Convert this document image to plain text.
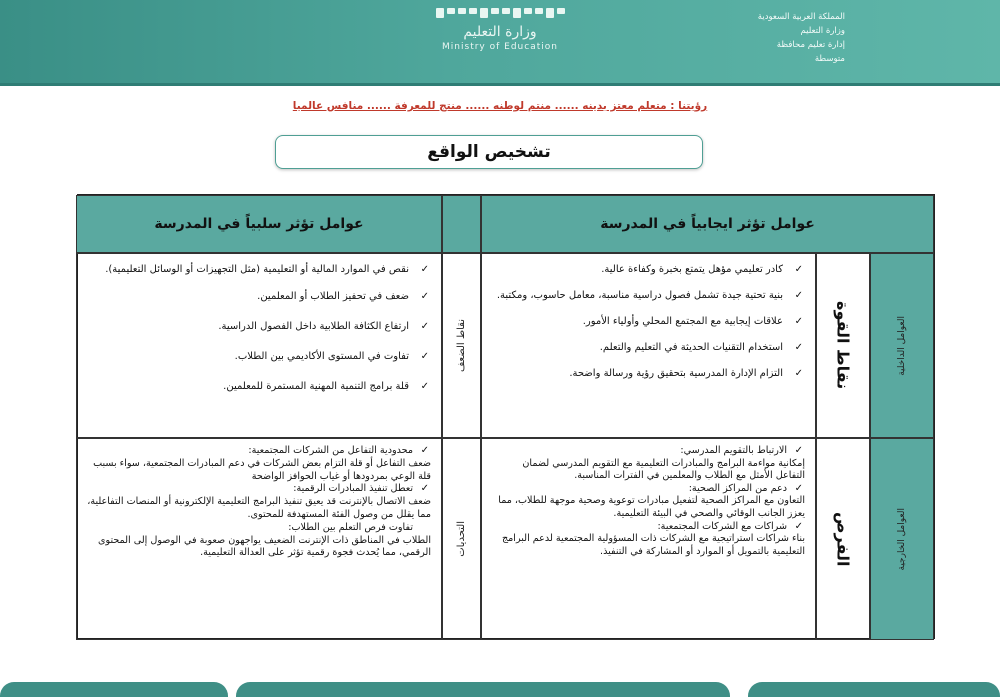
المملكة العربية السعودية
وزارة التعليم
إدارة تعليم محافظة
متوسطة
وزارة التعليم
Ministry of Education
رؤيتنا : متعلم معتز بدينه ...... منتم لوطنه ...... منتج للمعرفة ...... منافس عالميا
تشخيص الواقع
عوامل تؤثر ايجابياً في المدرسة
عوامل تؤثر سلبياً في المدرسة
العوامل الداخلية
نقاط القوة
العوامل الخارجية
الفرص
✓ كادر تعليمي مؤهل يتمتع بخبرة وكفاءة عالية.
✓ بنية تحتية جيدة تشمل فصول دراسية مناسبة، معامل حاسوب، ومكتبة.
✓ علاقات إيجابية مع المجتمع المحلي وأولياء الأمور.
✓ استخدام التقنيات الحديثة في التعليم والتعلم.
✓ التزام الإدارة المدرسية بتحقيق رؤية ورسالة واضحة.
✓ الارتباط بالتقويم المدرسي:
إمكانية مواءمة البرامج والمبادرات التعليمية مع التقويم المدرسي لضمان التفاعل الأمثل مع الطلاب والمعلمين في الفترات المناسبة.
✓ دعم من المراكز الصحية:
التعاون مع المراكز الصحية لتفعيل مبادرات توعوية وصحية موجهة للطلاب، مما يعزز الجانب الوقائي والصحي في البيئة التعليمية.
✓ شراكات مع الشركات المجتمعية:
بناء شراكات استراتيجية مع الشركات ذات المسؤولية المجتمعية لدعم البرامج التعليمية بالتمويل أو الموارد أو المشاركة في التنفيذ.
نقاط الضعف
التحديات
✓ نقص في الموارد المالية أو التعليمية (مثل التجهيزات أو الوسائل التعليمية).
✓ ضعف في تحفيز الطلاب أو المعلمين.
✓ ارتفاع الكثافة الطلابية داخل الفصول الدراسية.
✓ تفاوت في المستوى الأكاديمي بين الطلاب.
✓ قلة برامج التنمية المهنية المستمرة للمعلمين.
✓ محدودية التفاعل من الشركات المجتمعية:
ضعف التفاعل أو قلة التزام بعض الشركات في دعم المبادرات المجتمعية، سواء بسبب قلة الوعي بمردودها أو غياب الحوافز الواضحة
✓ تعطل تنفيذ المبادرات الرقمية:
ضعف الاتصال بالإنترنت قد يعيق تنفيذ البرامج التعليمية الإلكترونية أو المنصات التفاعلية، مما يقلل من وصول الفئة المستهدفة للمحتوى.
تفاوت فرص التعلم بين الطلاب:
الطلاب في المناطق ذات الإنترنت الضعيف يواجهون صعوبة في الوصول إلى المحتوى الرقمي، مما يُحدث فجوة رقمية تؤثر على العدالة التعليمية.
